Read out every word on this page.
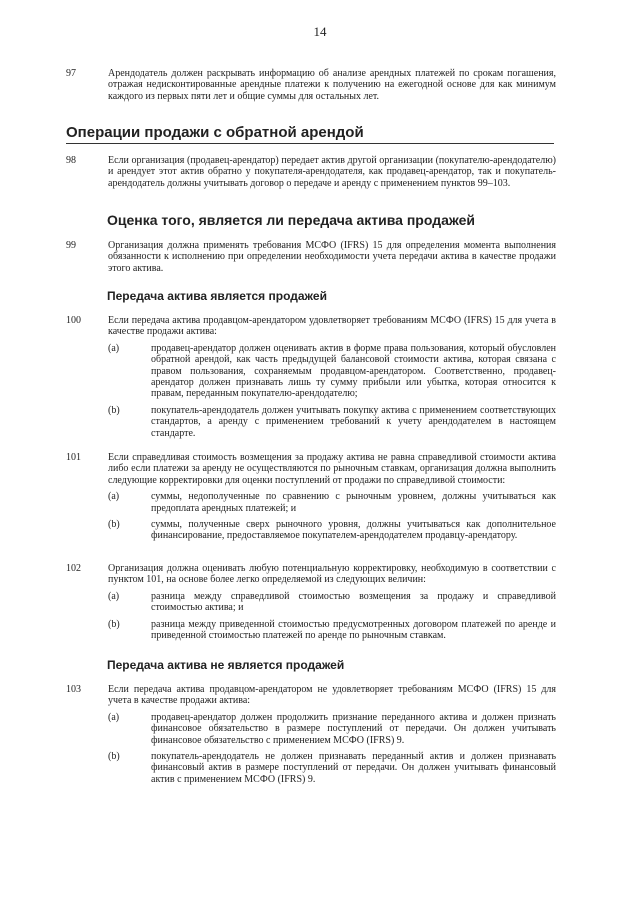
14
97	Арендодатель должен раскрывать информацию об анализе арендных платежей по срокам погашения, отражая недисконтированные арендные платежи к получению на ежегодной основе для как минимум каждого из первых пяти лет и общие суммы для остальных лет.
Операции продажи с обратной арендой
98	Если организация (продавец-арендатор) передает актив другой организации (покупателю-арендодателю) и арендует этот актив обратно у покупателя-арендодателя, как продавец-арендатор, так и покупатель-арендодатель должны учитывать договор о передаче и аренду с применением пунктов 99–103.
Оценка того, является ли передача актива продажей
99	Организация должна применять требования МСФО (IFRS) 15 для определения момента выполнения обязанности к исполнению при определении необходимости учета передачи актива в качестве продажи этого актива.
Передача актива является продажей
100	Если передача актива продавцом-арендатором удовлетворяет требованиям МСФО (IFRS) 15 для учета в качестве продажи актива:
(a)	продавец-арендатор должен оценивать актив в форме права пользования, который обусловлен обратной арендой, как часть предыдущей балансовой стоимости актива, которая связана с правом пользования, сохраняемым продавцом-арендатором. Соответственно, продавец-арендатор должен признавать лишь ту сумму прибыли или убытка, которая относится к правам, переданным покупателю-арендодателю;
(b)	покупатель-арендодатель должен учитывать покупку актива с применением соответствующих стандартов, а аренду с применением требований к учету арендодателем в настоящем стандарте.
101	Если справедливая стоимость возмещения за продажу актива не равна справедливой стоимости актива либо если платежи за аренду не осуществляются по рыночным ставкам, организация должна выполнить следующие корректировки для оценки поступлений от продажи по справедливой стоимости:
(a)	суммы, недополученные по сравнению с рыночным уровнем, должны учитываться как предоплата арендных платежей; и
(b)	суммы, полученные сверх рыночного уровня, должны учитываться как дополнительное финансирование, предоставляемое покупателем-арендодателем продавцу-арендатору.
102	Организация должна оценивать любую потенциальную корректировку, необходимую в соответствии с пунктом 101, на основе более легко определяемой из следующих величин:
(a)	разница между справедливой стоимостью возмещения за продажу и справедливой стоимостью актива; и
(b)	разница между приведенной стоимостью предусмотренных договором платежей по аренде и приведенной стоимостью платежей по аренде по рыночным ставкам.
Передача актива не является продажей
103	Если передача актива продавцом-арендатором не удовлетворяет требованиям МСФО (IFRS) 15 для учета в качестве продажи актива:
(a)	продавец-арендатор должен продолжить признание переданного актива и должен признать финансовое обязательство в размере поступлений от передачи. Он должен учитывать финансовое обязательство с применением МСФО (IFRS) 9.
(b)	покупатель-арендодатель не должен признавать переданный актив и должен признавать финансовый актив в размере поступлений от передачи. Он должен учитывать финансовый актив с применением МСФО (IFRS) 9.
